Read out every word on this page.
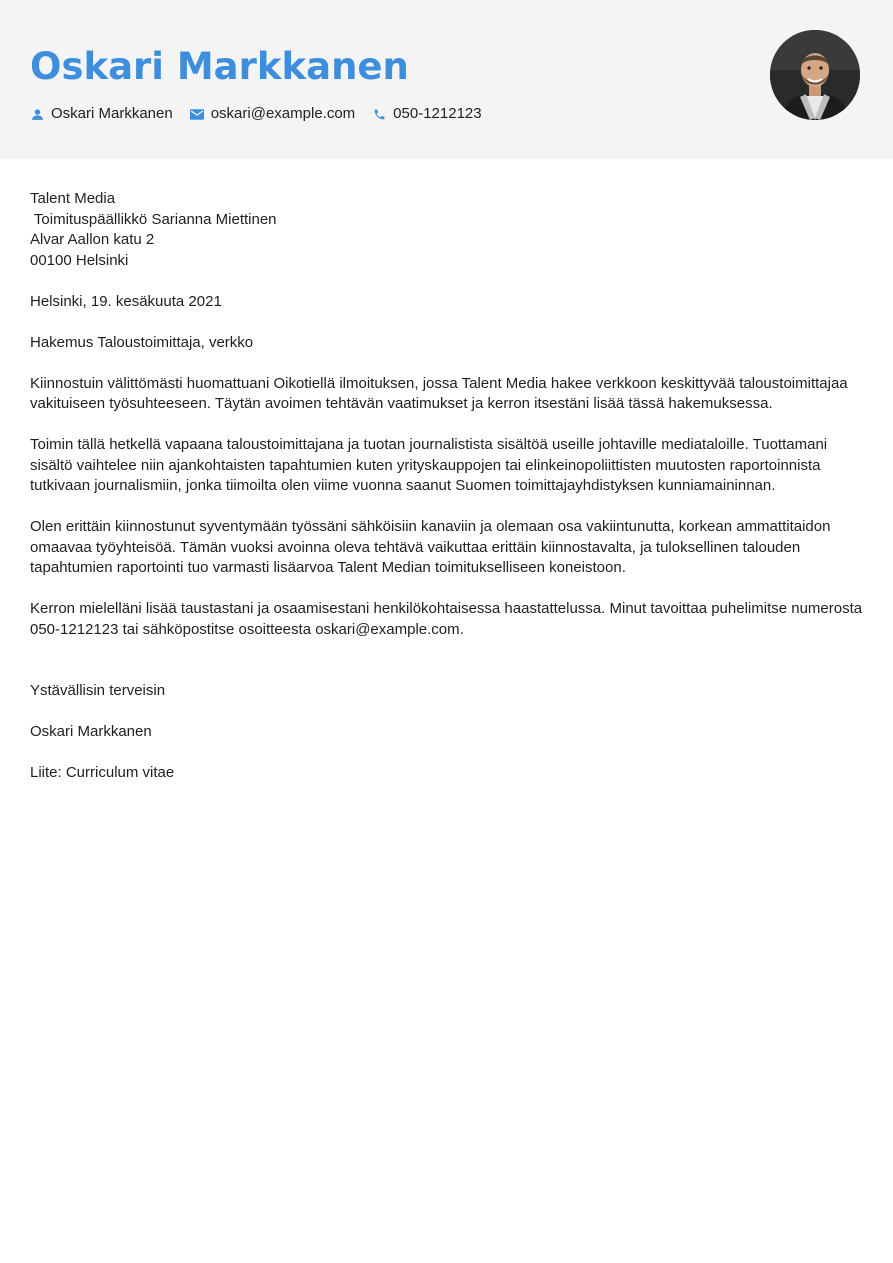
Oskari Markkanen
Oskari Markkanen	oskari@example.com	050-1212123
Talent Media
Toimituspäällikkö Sarianna Miettinen
Alvar Aallon katu 2
00100 Helsinki

Helsinki, 19. kesäkuuta 2021

Hakemus Taloustoimittaja, verkko

Kiinnostuin välittömästi huomattuani Oikotiellä ilmoituksen, jossa Talent Media hakee verkkoon keskittyvää taloustoimittajaa vakituiseen työsuhteeseen. Täytän avoimen tehtävän vaatimukset ja kerron itsestäni lisää tässä hakemuksessa.

Toimin tällä hetkellä vapaana taloustoimittajana ja tuotan journalistista sisältöä useille johtaville mediataloille. Tuottamani sisältö vaihtelee niin ajankohtaisten tapahtumien kuten yrityskauppojen tai elinkeinopoliittisten muutosten raportoinnista tutkivaan journalismiin, jonka tiimoilta olen viime vuonna saanut Suomen toimittajayhdistyksen kunniamaininnan.

Olen erittäin kiinnostunut syventymään työssäni sähköisiin kanaviin ja olemaan osa vakiintunutta, korkean ammattitaidon omaavaa työyhteisöä. Tämän vuoksi avoinna oleva tehtävä vaikuttaa erittäin kiinnostavalta, ja tuloksellinen talouden tapahtumien raportointi tuo varmasti lisäarvoa Talent Median toimitukselliseen koneistoon.

Kerron mielelläni lisää taustastani ja osaamisestani henkilökohtaisessa haastattelussa. Minut tavoittaa puhelimitse numerosta 050-1212123 tai sähköpostitse osoitteesta oskari@example.com.

Ystävällisin terveisin

Oskari Markkanen

Liite: Curriculum vitae
